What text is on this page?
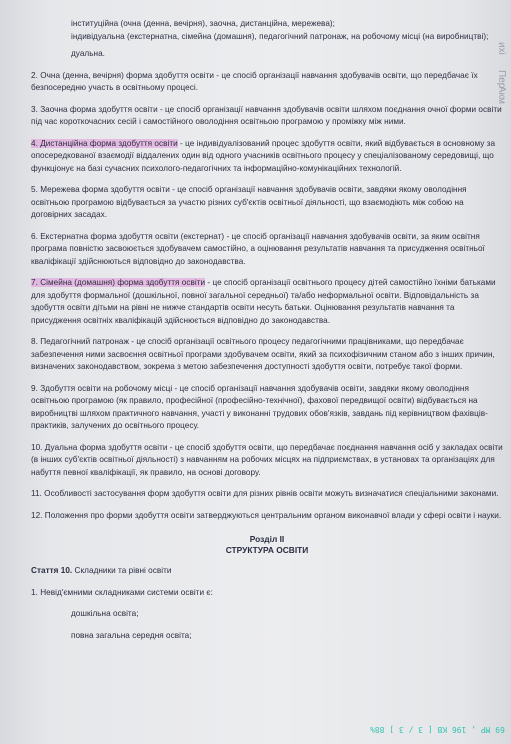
ихі
Пер
Акм

інституційна (очна (денна, вечірня), заочна, дистанційна, мережева);

індивідуальна (екстернатна, сімейна (домашня), педагогічний патронаж, на робочому місці (на виробництві);

дуальна.

2. Очна (денна, вечірня) форма здобуття освіти - це спосіб організації навчання здобувачів освіти, що передбачає їх безпосередню участь в освітньому процесі.

3. Заочна форма здобуття освіти - це спосіб організації навчання здобувачів освіти шляхом поєднання очної форми освіти під час короткочасних сесій і самостійного оволодіння освітньою програмою у проміжку між ними.

4. Дистанційна форма здобуття освіти - це індивідуалізований процес здобуття освіти, який відбувається в основному за опосередкованої взаємодії віддалених один від одного учасників освітнього процесу у спеціалізованому середовищі, що функціонує на базі сучасних психолого-педагогічних та інформаційно-комунікаційних технологій.

5. Мережева форма здобуття освіти - це спосіб організації навчання здобувачів освіти, завдяки якому оволодіння освітньою програмою відбувається за участю різних суб'єктів освітньої діяльності, що взаємодіють між собою на договірних засадах.

6. Екстернатна форма здобуття освіти (екстернат) - це спосіб організації навчання здобувачів освіти, за яким освітня програма повністю засвоюється здобувачем самостійно, а оцінювання результатів навчання та присудження освітньої кваліфікації здійснюються відповідно до законодавства.

7. Сімейна (домашня) форма здобуття освіти - це спосіб організації освітнього процесу дітей самостійно їхніми батьками для здобуття формальної (дошкільної, повної загальної середньої) та/або неформальної освіти. Відповідальність за здобуття освіти дітьми на рівні не нижче стандартів освіти несуть батьки. Оцінювання результатів навчання та присудження освітніх кваліфікацій здійснюється відповідно до законодавства.

8. Педагогічний патронаж - це спосіб організації освітнього процесу педагогічними працівниками, що передбачає забезпечення ними засвоєння освітньої програми здобувачем освіти, який за психофізичним станом або з інших причин, визначених законодавством, зокрема з метою забезпечення доступності здобуття освіти, потребує такої форми.

9. Здобуття освіти на робочому місці - це спосіб організації навчання здобувачів освіти, завдяки якому оволодіння освітньою програмою (як правило, професійної (професійно-технічної), фахової передвищої освіти) відбувається на виробництві шляхом практичного навчання, участі у виконанні трудових обов'язків, завдань під керівництвом фахівців-практиків, залучених до освітнього процесу.

10. Дуальна форма здобуття освіти - це спосіб здобуття освіти, що передбачає поєднання навчання осіб у закладах освіти (в інших суб'єктів освітньої діяльності) з навчанням на робочих місцях на підприємствах, в установах та організаціях для набуття певної кваліфікації, як правило, на основі договору.

11. Особливості застосування форм здобуття освіти для різних рівнів освіти можуть визначатися спеціальними законами.

12. Положення про форми здобуття освіти затверджуються центральним органом виконавчої влади у сфері освіти і науки.

Розділ II
СТРУКТУРА ОСВІТИ

Стаття 10. Складники та рівні освіти

1. Невід'ємними складниками системи освіти є:

дошкільна освіта;

повна загальна середня освіта;

69 MP , 196 KB [ 3 / 3 ] 88%
